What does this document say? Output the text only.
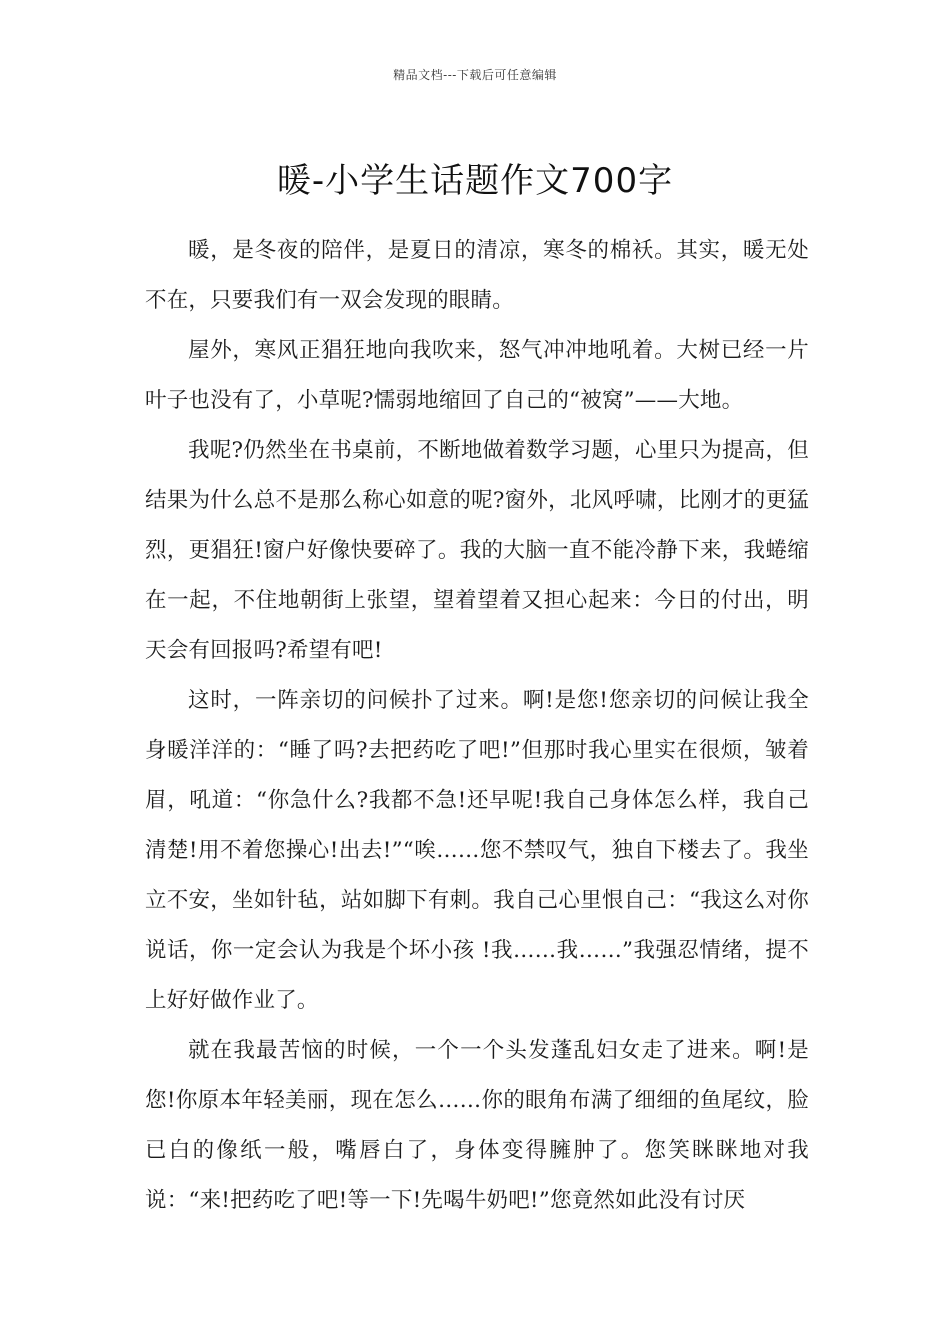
精品文档---下载后可任意编辑
暖-小学生话题作文700字

暖，是冬夜的陪伴，是夏日的清凉，寒冬的棉袄。其实，暖无处不在，只要我们有一双会发现的眼睛。

屋外，寒风正猖狂地向我吹来，怒气冲冲地吼着。大树已经一片叶子也没有了，小草呢?懦弱地缩回了自己的“被窝”——大地。

我呢?仍然坐在书桌前，不断地做着数学习题，心里只为提高，但结果为什么总不是那么称心如意的呢?窗外，北风呼啸，比刚才的更猛烈，更猖狂!窗户好像快要碎了。我的大脑一直不能冷静下来，我蜷缩在一起，不住地朝街上张望，望着望着又担心起来：今日的付出，明天会有回报吗?希望有吧!

这时，一阵亲切的问候扑了过来。啊!是您!您亲切的问候让我全身暖洋洋的：“睡了吗?去把药吃了吧!”但那时我心里实在很烦，皱着眉，吼道：“你急什么?我都不急!还早呢!我自己身体怎么样，我自己清楚!用不着您操心!出去!”“唉……您不禁叹气，独自下楼去了。我坐立不安，坐如针毡，站如脚下有刺。我自己心里恨自己：“我这么对你说话，你一定会认为我是个坏小孩 !我……我……”我强忍情绪，提不上好好做作业了。

就在我最苦恼的时候，一个一个头发蓬乱妇女走了进来。啊!是您!你原本年轻美丽，现在怎么……你的眼角布满了细细的鱼尾纹，脸已白的像纸一般，嘴唇白了，身体变得臃肿了。您笑眯眯地对我说：“来!把药吃了吧!等一下!先喝牛奶吧!”您竟然如此没有讨厌
